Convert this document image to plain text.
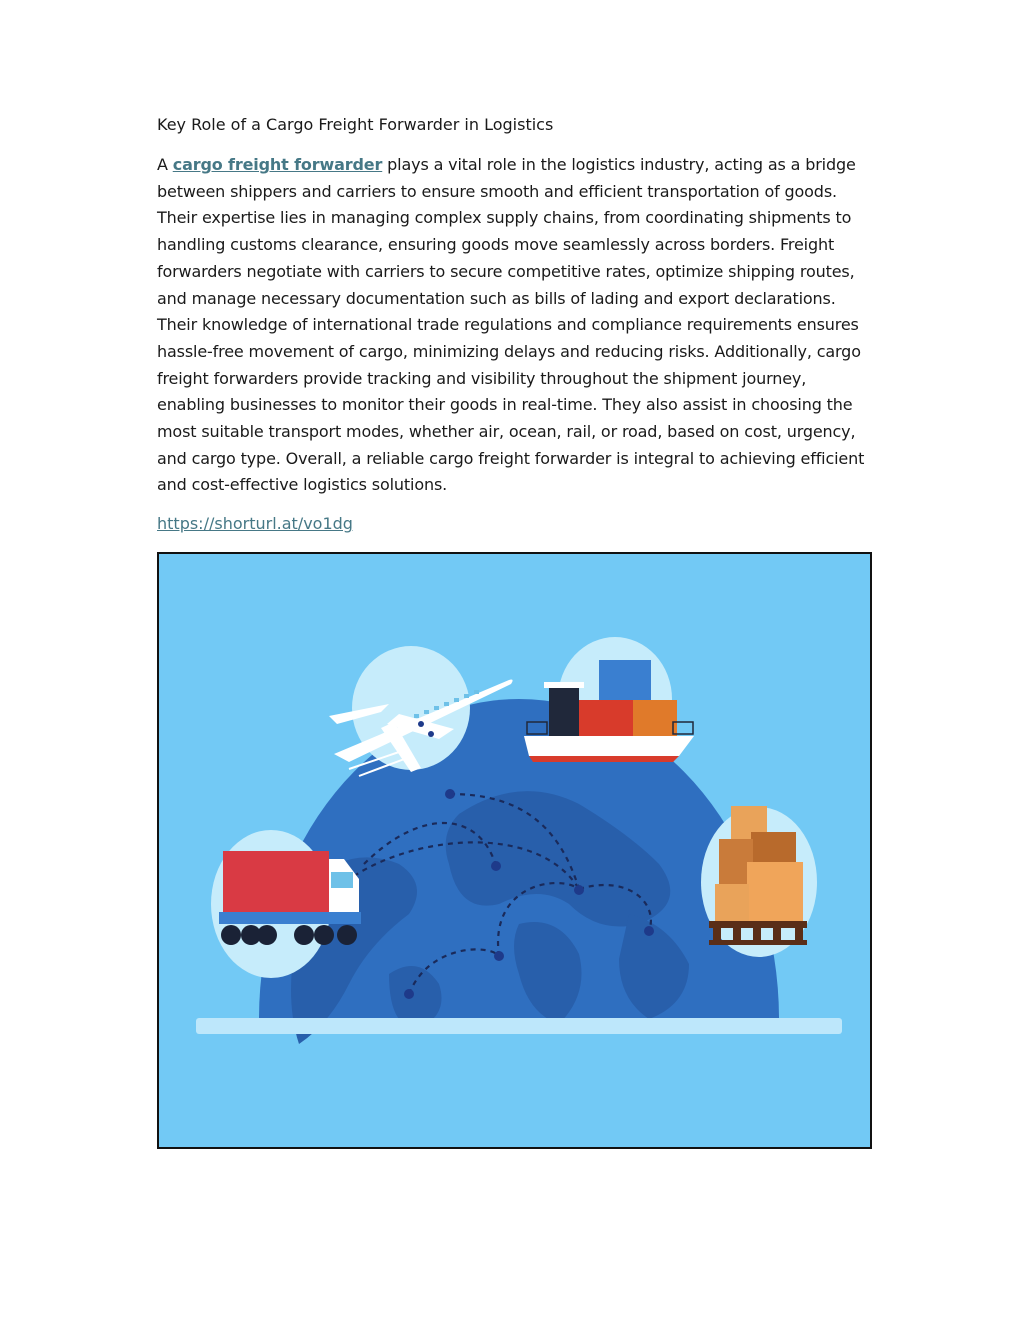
Key Role of a Cargo Freight Forwarder in Logistics

A cargo freight forwarder plays a vital role in the logistics industry, acting as a bridge between shippers and carriers to ensure smooth and efficient transportation of goods. Their expertise lies in managing complex supply chains, from coordinating shipments to handling customs clearance, ensuring goods move seamlessly across borders. Freight forwarders negotiate with carriers to secure competitive rates, optimize shipping routes, and manage necessary documentation such as bills of lading and export declarations. Their knowledge of international trade regulations and compliance requirements ensures hassle-free movement of cargo, minimizing delays and reducing risks. Additionally, cargo freight forwarders provide tracking and visibility throughout the shipment journey, enabling businesses to monitor their goods in real-time. They also assist in choosing the most suitable transport modes, whether air, ocean, rail, or road, based on cost, urgency, and cargo type. Overall, a reliable cargo freight forwarder is integral to achieving efficient and cost-effective logistics solutions.

https://shorturl.at/vo1dg
